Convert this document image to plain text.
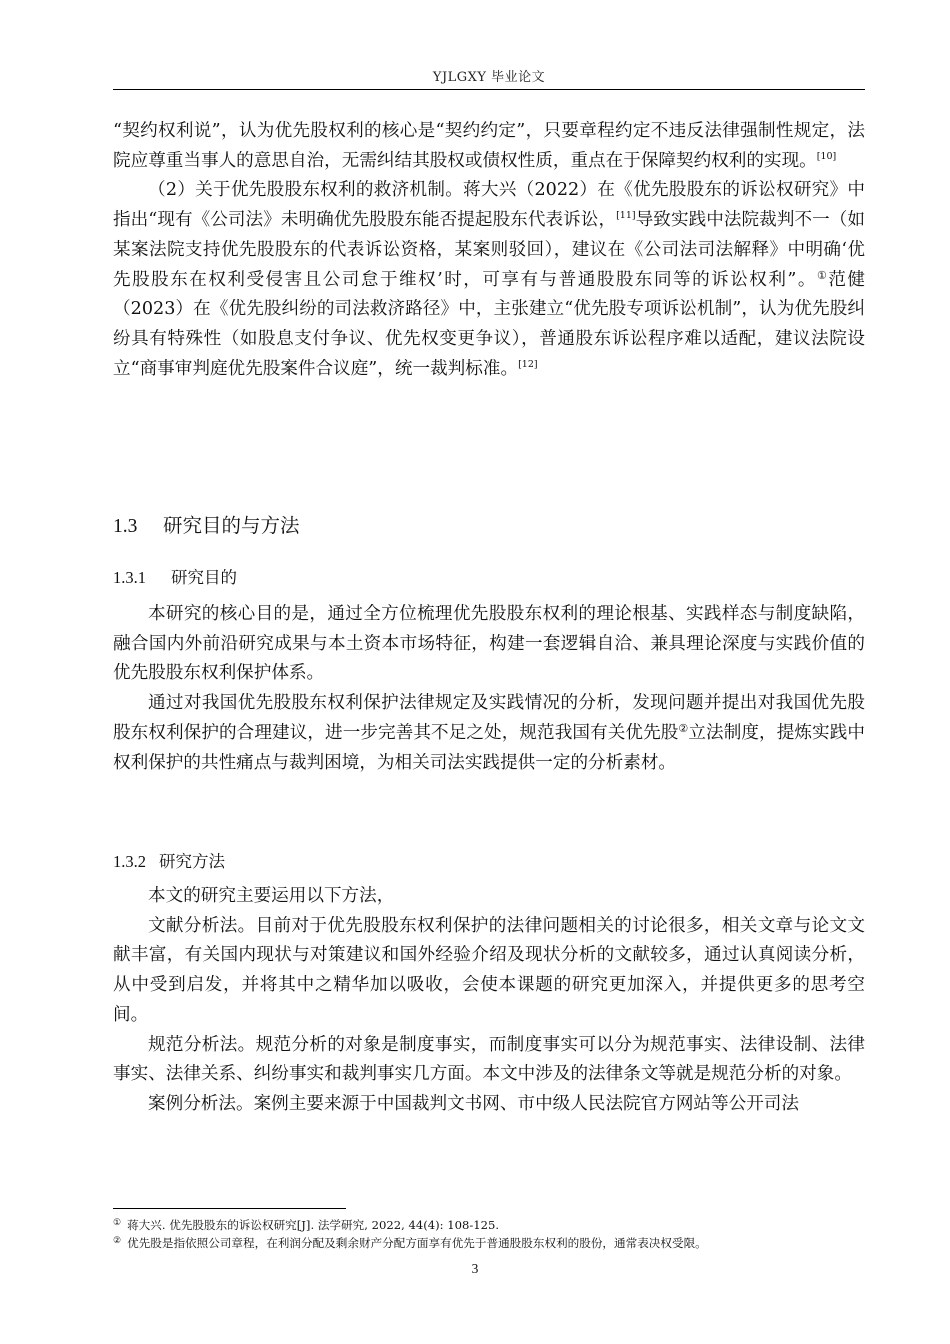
YJLGXY 毕业论文

“契约权利说”，认为优先股权利的核心是“契约约定”，只要章程约定不违反法律强制性规定，法院应尊重当事人的意思自治，无需纠结其股权或债权性质，重点在于保障契约权利的实现。[10]

（2）关于优先股股东权利的救济机制。蒋大兴（2022）在《优先股股东的诉讼权研究》中指出“现有《公司法》未明确优先股股东能否提起股东代表诉讼，[11]导致实践中法院裁判不一（如某案法院支持优先股股东的代表诉讼资格，某案则驳回），建议在《公司法司法解释》中明确‘优先股股东在权利受侵害且公司怠于维权’时，可享有与普通股股东同等的诉讼权利”。①范健（2023）在《优先股纠纷的司法救济路径》中，主张建立“优先股专项诉讼机制”，认为优先股纠纷具有特殊性（如股息支付争议、优先权变更争议），普通股东诉讼程序难以适配，建议法院设立“商事审判庭优先股案件合议庭”，统一裁判标准。[12]

1.3 研究目的与方法
1.3.1 研究目的

本研究的核心目的是，通过全方位梳理优先股股东权利的理论根基、实践样态与制度缺陷，融合国内外前沿研究成果与本土资本市场特征，构建一套逻辑自洽、兼具理论深度与实践价值的优先股股东权利保护体系。

通过对我国优先股股东权利保护法律规定及实践情况的分析，发现问题并提出对我国优先股股东权利保护的合理建议，进一步完善其不足之处，规范我国有关优先股②立法制度，提炼实践中权利保护的共性痛点与裁判困境，为相关司法实践提供一定的分析素材。

1.3.2 研究方法

本文的研究主要运用以下方法，

文献分析法。目前对于优先股股东权利保护的法律问题相关的讨论很多，相关文章与论文文献丰富，有关国内现状与对策建议和国外经验介绍及现状分析的文献较多，通过认真阅读分析，从中受到启发，并将其中之精华加以吸收，会使本课题的研究更加深入，并提供更多的思考空间。

规范分析法。规范分析的对象是制度事实，而制度事实可以分为规范事实、法律设制、法律事实、法律关系、纠纷事实和裁判事实几方面。本文中涉及的法律条文等就是规范分析的对象。

案例分析法。案例主要来源于中国裁判文书网、市中级人民法院官方网站等公开司法

① 蒋大兴. 优先股股东的诉讼权研究[J]. 法学研究, 2022, 44(4): 108-125.
② 优先股是指依照公司章程，在利润分配及剩余财产分配方面享有优先于普通股股东权利的股份，通常表决权受限。
3
